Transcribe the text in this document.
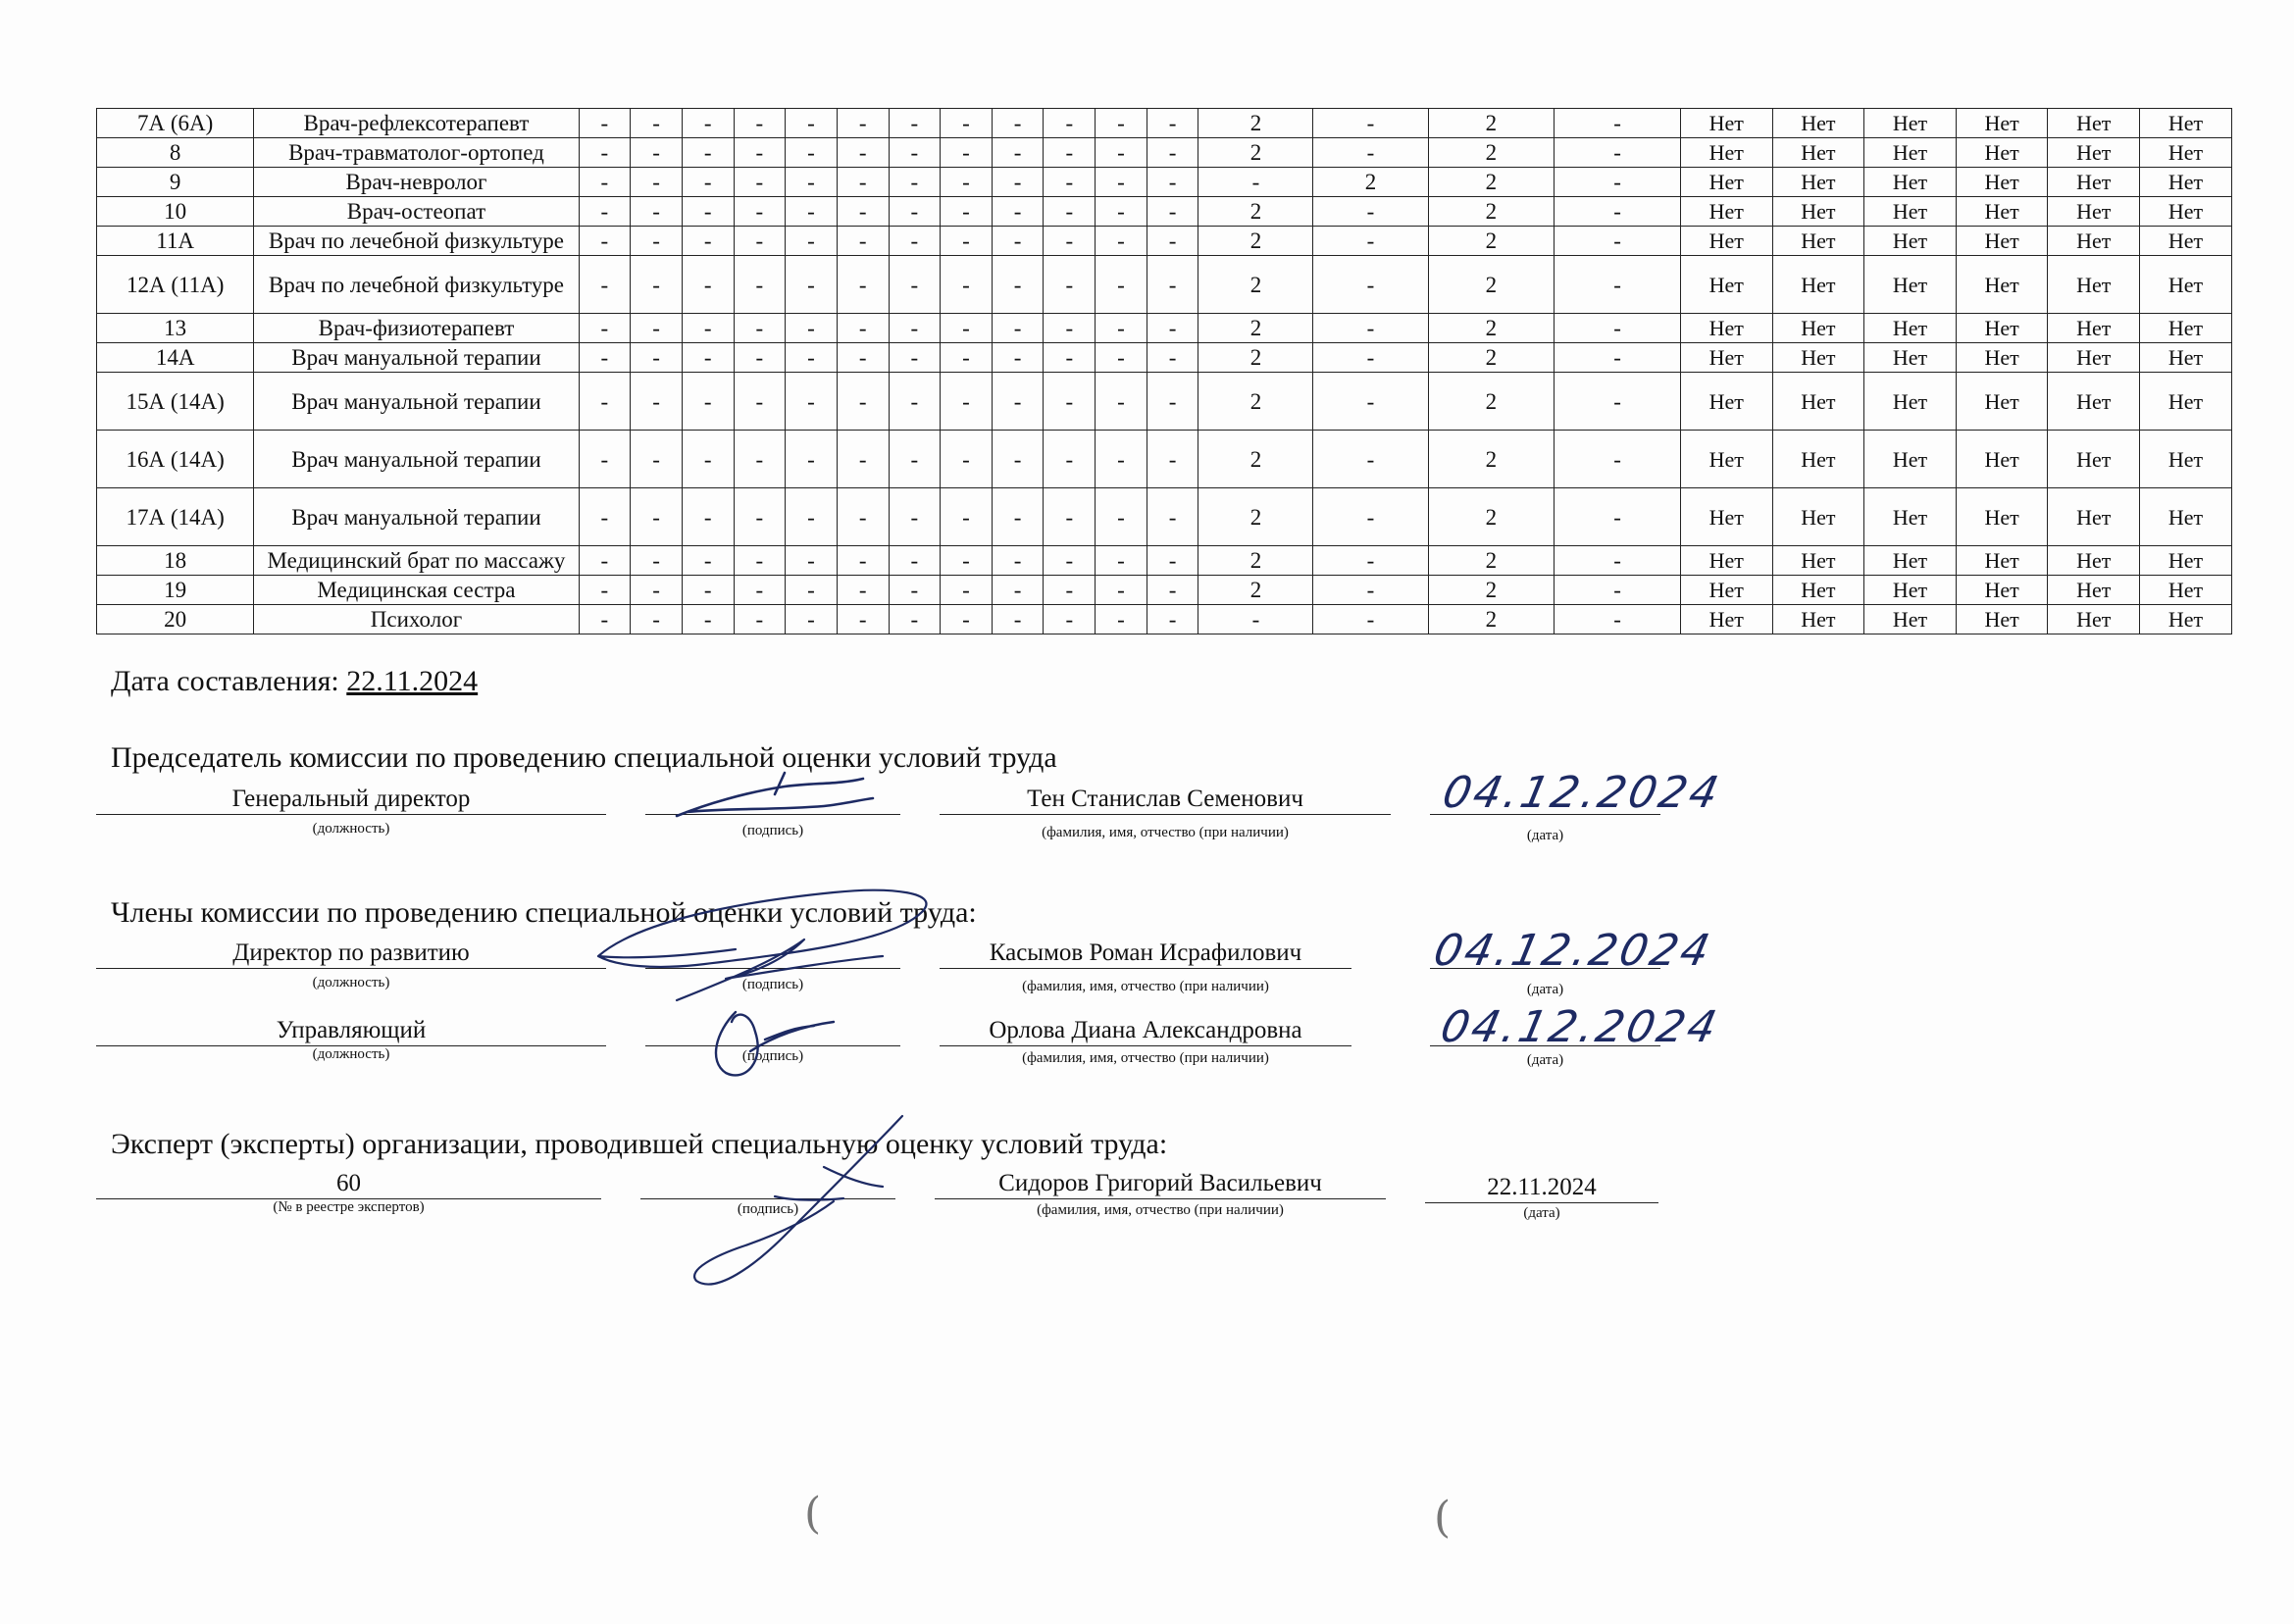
7А (6А)	Врач-рефлексотерапевт	-	-	-	-	-	-	-	-	-	-	-	-	2	-	2	-	Нет	Нет	Нет	Нет	Нет	Нет
8	Врач-травматолог-ортопед	-	-	-	-	-	-	-	-	-	-	-	-	2	-	2	-	Нет	Нет	Нет	Нет	Нет	Нет
9	Врач-невролог	-	-	-	-	-	-	-	-	-	-	-	-	-	2	2	-	Нет	Нет	Нет	Нет	Нет	Нет
10	Врач-остеопат	-	-	-	-	-	-	-	-	-	-	-	-	2	-	2	-	Нет	Нет	Нет	Нет	Нет	Нет
11А	Врач по лечебной физкультуре	-	-	-	-	-	-	-	-	-	-	-	-	2	-	2	-	Нет	Нет	Нет	Нет	Нет	Нет
12А (11А)	Врач по лечебной физкультуре	-	-	-	-	-	-	-	-	-	-	-	-	2	-	2	-	Нет	Нет	Нет	Нет	Нет	Нет
13	Врач-физиотерапевт	-	-	-	-	-	-	-	-	-	-	-	-	2	-	2	-	Нет	Нет	Нет	Нет	Нет	Нет
14А	Врач мануальной терапии	-	-	-	-	-	-	-	-	-	-	-	-	2	-	2	-	Нет	Нет	Нет	Нет	Нет	Нет
15А (14А)	Врач мануальной терапии	-	-	-	-	-	-	-	-	-	-	-	-	2	-	2	-	Нет	Нет	Нет	Нет	Нет	Нет
16А (14А)	Врач мануальной терапии	-	-	-	-	-	-	-	-	-	-	-	-	2	-	2	-	Нет	Нет	Нет	Нет	Нет	Нет
17А (14А)	Врач мануальной терапии	-	-	-	-	-	-	-	-	-	-	-	-	2	-	2	-	Нет	Нет	Нет	Нет	Нет	Нет
18	Медицинский брат по массажу	-	-	-	-	-	-	-	-	-	-	-	-	2	-	2	-	Нет	Нет	Нет	Нет	Нет	Нет
19	Медицинская сестра	-	-	-	-	-	-	-	-	-	-	-	-	2	-	2	-	Нет	Нет	Нет	Нет	Нет	Нет
20	Психолог	-	-	-	-	-	-	-	-	-	-	-	-	-	-	2	-	Нет	Нет	Нет	Нет	Нет	Нет
Дата составления: 22.11.2024
Председатель комиссии по проведению специальной оценки условий труда
Генеральный директор
(должность)	(подпись)
Тен Станислав Семенович
(фамилия, имя, отчество (при наличии)	(дата)
Члены комиссии по проведению специальной оценки условий труда:
Директор по развитию
(должность)	(подпись)
Касымов Роман Исрафилович
(фамилия, имя, отчество (при наличии)	(дата)
Управляющий
(должность)	(подпись)
Орлова Диана Александровна
(фамилия, имя, отчество (при наличии)	(дата)
Эксперт (эксперты) организации, проводившей специальную оценку условий труда:
60
(№ в реестре экспертов)	(подпись)
Сидоров Григорий Васильевич
(фамилия, имя, отчество (при наличии)
22.11.2024
(дата)
04.12.2024
04.12.2024
04.12.2024
(	(
